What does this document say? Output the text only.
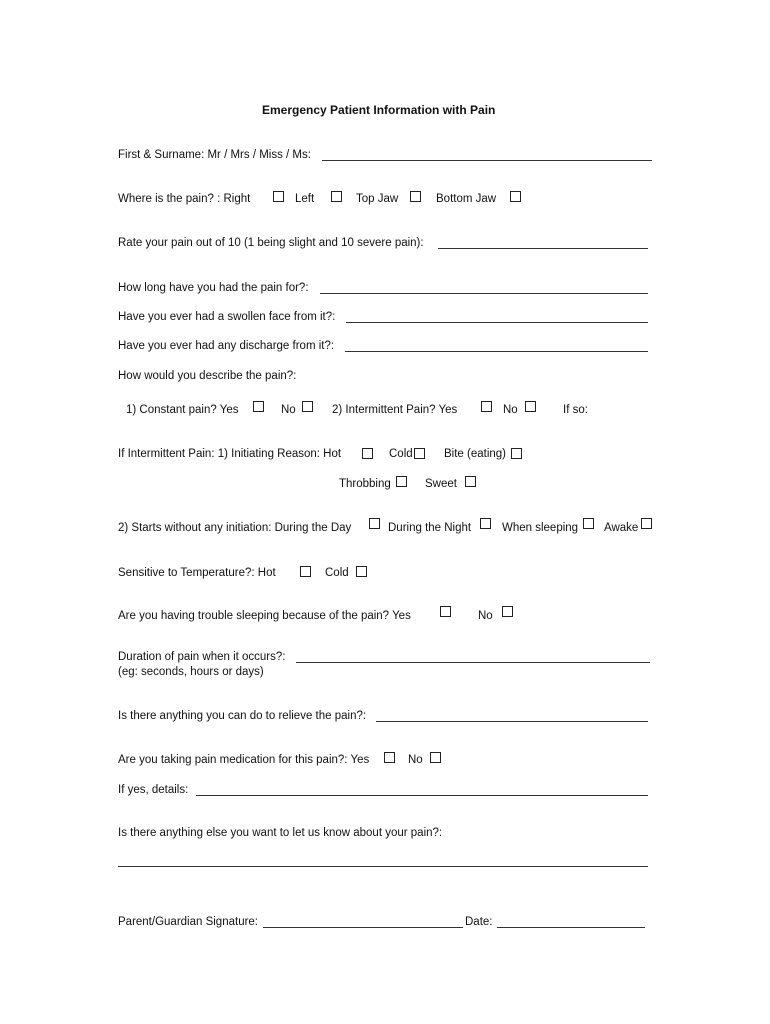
Emergency Patient Information with Pain
First & Surname: Mr / Mrs / Miss / Ms:
Where is the pain? : Right	Left	Top Jaw	Bottom Jaw
Rate your pain out of 10 (1 being slight and 10 severe pain):
How long have you had the pain for?:
Have you ever had a swollen face from it?:
Have you ever had any discharge from it?:
How would you describe the pain?:
1) Constant pain? Yes	No	2) Intermittent Pain? Yes	No	If so:
If Intermittent Pain: 1) Initiating Reason: Hot	Cold	Bite (eating)
Throbbing	Sweet
2) Starts without any initiation: During the Day	During the Night	When sleeping Awake
Sensitive to Temperature?: Hot	Cold
Are you having trouble sleeping because of the pain? Yes	No
Duration of pain when it occurs?:
(eg: seconds, hours or days)
Is there anything you can do to relieve the pain?:
Are you taking pain medication for this pain?: Yes	No
If yes, details:
Is there anything else you want to let us know about your pain?:
Parent/Guardian Signature:	Date:
